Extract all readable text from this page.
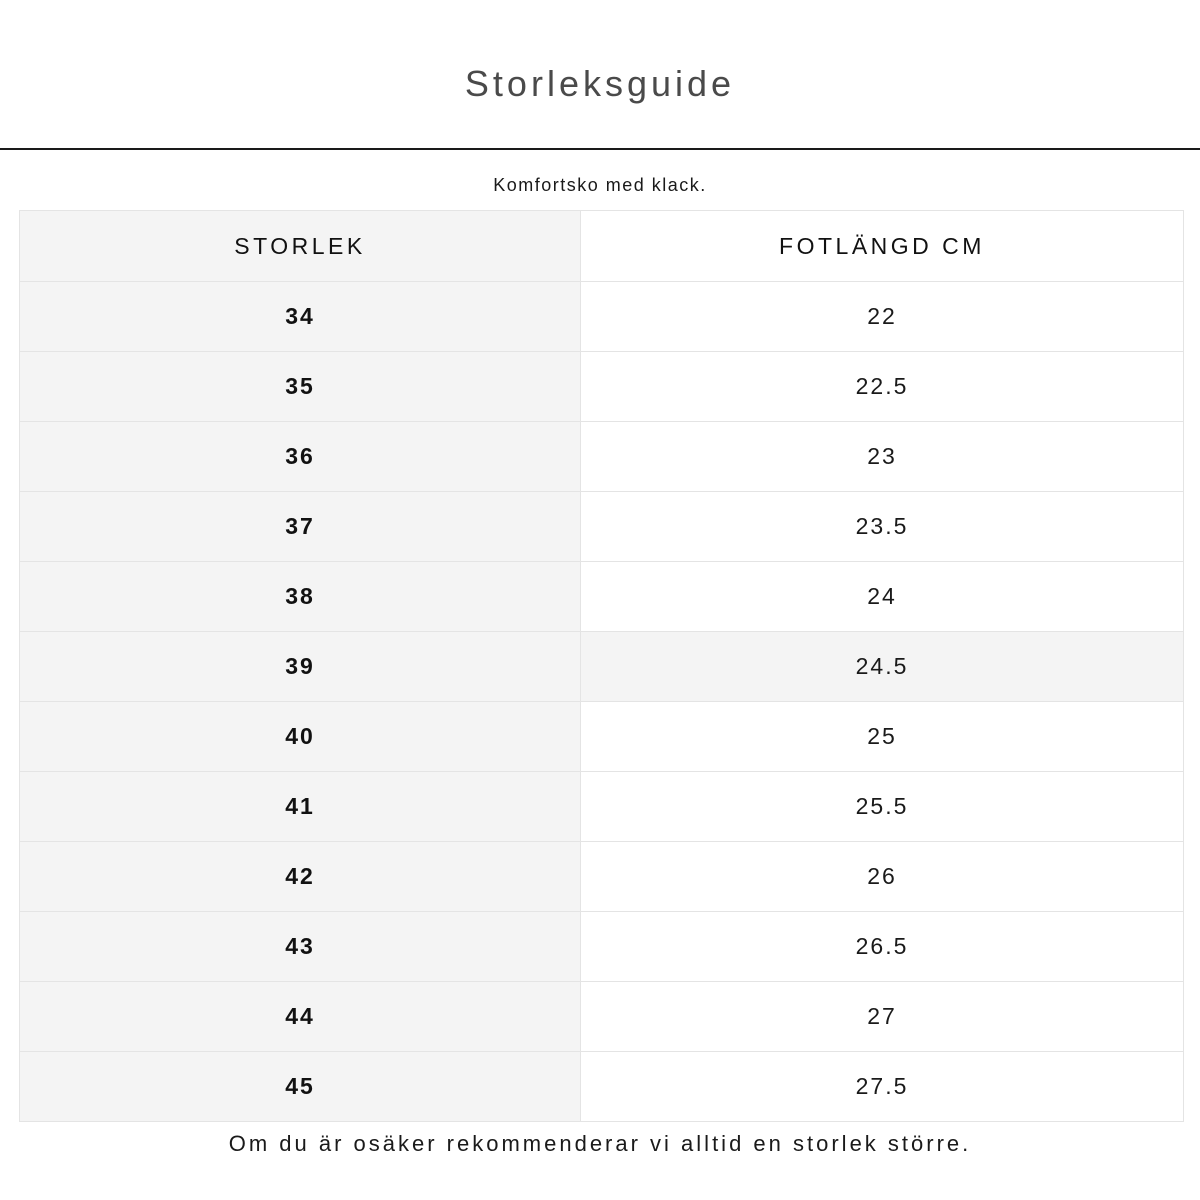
Storleksguide
Komfortsko med klack.
STORLEK	FOTLÄNGD CM
34	22
35	22.5
36	23
37	23.5
38	24
39	24.5
40	25
41	25.5
42	26
43	26.5
44	27
45	27.5
Om du är osäker rekommenderar vi alltid en storlek större.
